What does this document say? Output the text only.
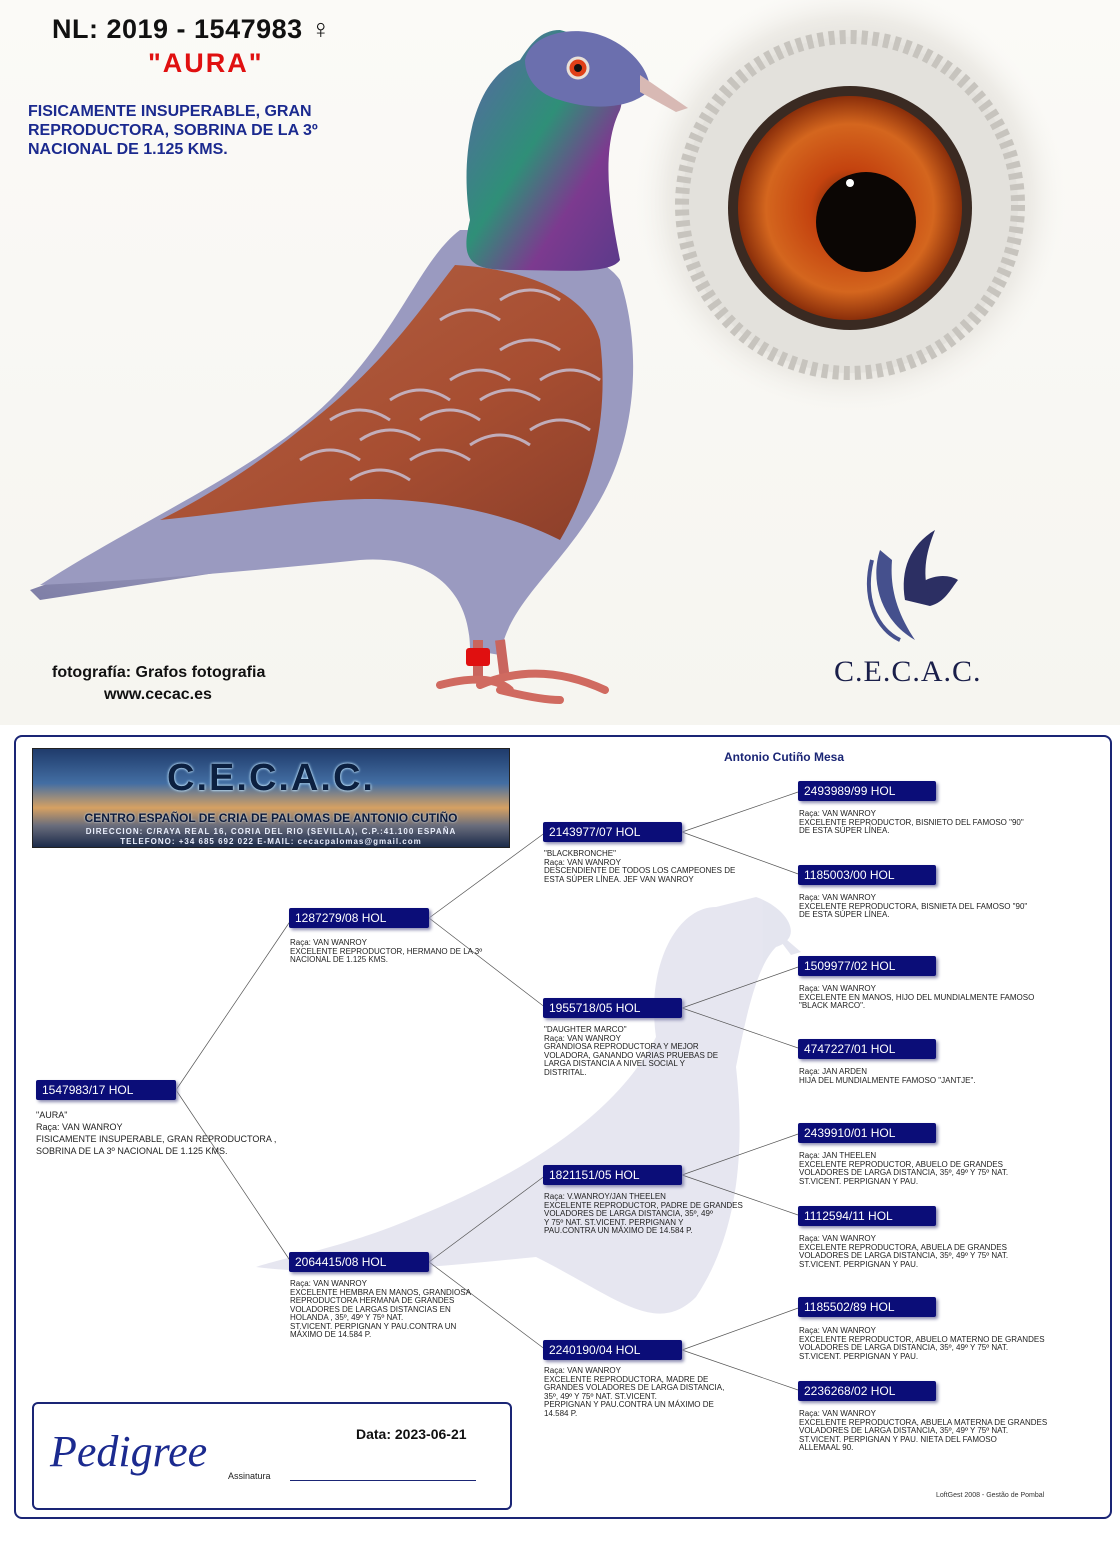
NL: 2019 - 1547983 ♀
"AURA"
FISICAMENTE INSUPERABLE, GRAN
REPRODUCTORA, SOBRINA DE LA 3º
NACIONAL DE 1.125 KMS.
fotografía: Grafos fotografia
www.cecac.es
C.E.C.A.C.
C.E.C.A.C.
CENTRO ESPAÑOL DE CRIA DE PALOMAS DE ANTONIO CUTIÑO
DIRECCION: C/RAYA REAL 16, CORIA DEL RIO (SEVILLA), C.P.:41.100 ESPAÑA
TELEFONO: +34 685 692 022 E-MAIL: cecacpalomas@gmail.com
Antonio Cutiño Mesa
1547983/17 HOL
"AURA"
Raça: VAN WANROY
FISICAMENTE INSUPERABLE, GRAN REPRODUCTORA ,
SOBRINA DE LA 3º NACIONAL DE 1.125 KMS.
1287279/08 HOL
Raça: VAN WANROY
EXCELENTE REPRODUCTOR, HERMANO DE LA 3º
NACIONAL DE 1.125 KMS.
2064415/08 HOL
Raça: VAN WANROY
EXCELENTE HEMBRA EN MANOS, GRANDIOSA
REPRODUCTORA HERMANA DE GRANDES
VOLADORES DE LARGAS DISTANCIAS EN
HOLANDA , 35º, 49º Y 75º NAT.
ST.VICENT. PERPIGNAN Y PAU.CONTRA UN
MÁXIMO DE 14.584 P.
2143977/07 HOL
"BLACKBRONCHE"
Raça: VAN WANROY
DESCENDIENTE DE TODOS LOS CAMPEONES DE
ESTA SÚPER LÍNEA. JEF VAN WANROY
1955718/05 HOL
"DAUGHTER MARCO"
Raça: VAN WANROY
GRANDIOSA REPRODUCTORA Y MEJOR
VOLADORA, GANANDO VARIAS PRUEBAS DE
LARGA DISTANCIA A NIVEL SOCIAL Y
DISTRITAL.
1821151/05 HOL
Raça: V.WANROY/JAN THEELEN
EXCELENTE REPRODUCTOR, PADRE DE GRANDES
VOLADORES DE LARGA DISTANCIA, 35º, 49º
Y 75º NAT. ST.VICENT. PERPIGNAN Y
PAU.CONTRA UN MÁXIMO DE 14.584 P.
2240190/04 HOL
Raça: VAN WANROY
EXCELENTE REPRODUCTORA, MADRE DE
GRANDES VOLADORES DE LARGA DISTANCIA,
35º, 49º Y 75º NAT. ST.VICENT.
PERPIGNAN Y PAU.CONTRA UN MÁXIMO DE
14.584 P.
2493989/99 HOL
Raça: VAN WANROY
EXCELENTE REPRODUCTOR, BISNIETO DEL FAMOSO "90"
DE ESTA SÚPER LÍNEA.
1185003/00 HOL
Raça: VAN WANROY
EXCELENTE REPRODUCTORA, BISNIETA DEL FAMOSO "90"
DE ESTA SÚPER LÍNEA.
1509977/02 HOL
Raça: VAN WANROY
EXCELENTE EN MANOS, HIJO DEL MUNDIALMENTE FAMOSO
"BLACK MARCO".
4747227/01 HOL
Raça: JAN ARDEN
HIJA DEL MUNDIALMENTE FAMOSO "JANTJE".
2439910/01 HOL
Raça: JAN THEELEN
EXCELENTE REPRODUCTOR, ABUELO DE GRANDES
VOLADORES DE LARGA DISTANCIA, 35º, 49º Y 75º NAT.
ST.VICENT. PERPIGNAN Y PAU.
1112594/11 HOL
Raça: VAN WANROY
EXCELENTE REPRODUCTORA, ABUELA DE GRANDES
VOLADORES DE LARGA DISTANCIA, 35º, 49º Y 75º NAT.
ST.VICENT. PERPIGNAN Y PAU.
1185502/89 HOL
Raça: VAN WANROY
EXCELENTE REPRODUCTOR, ABUELO MATERNO DE GRANDES
VOLADORES DE LARGA DISTANCIA, 35º, 49º Y 75º NAT.
ST.VICENT. PERPIGNAN Y PAU.
2236268/02 HOL
Raça: VAN WANROY
EXCELENTE REPRODUCTORA, ABUELA MATERNA DE GRANDES
VOLADORES DE LARGA DISTANCIA, 35º, 49º Y 75º NAT.
ST.VICENT. PERPIGNAN Y PAU. NIETA DEL FAMOSO
ALLEMAAL 90.
Pedigree	Data: 2023-06-21
Assinatura
LoftGest 2008 - Gestão de Pombal
